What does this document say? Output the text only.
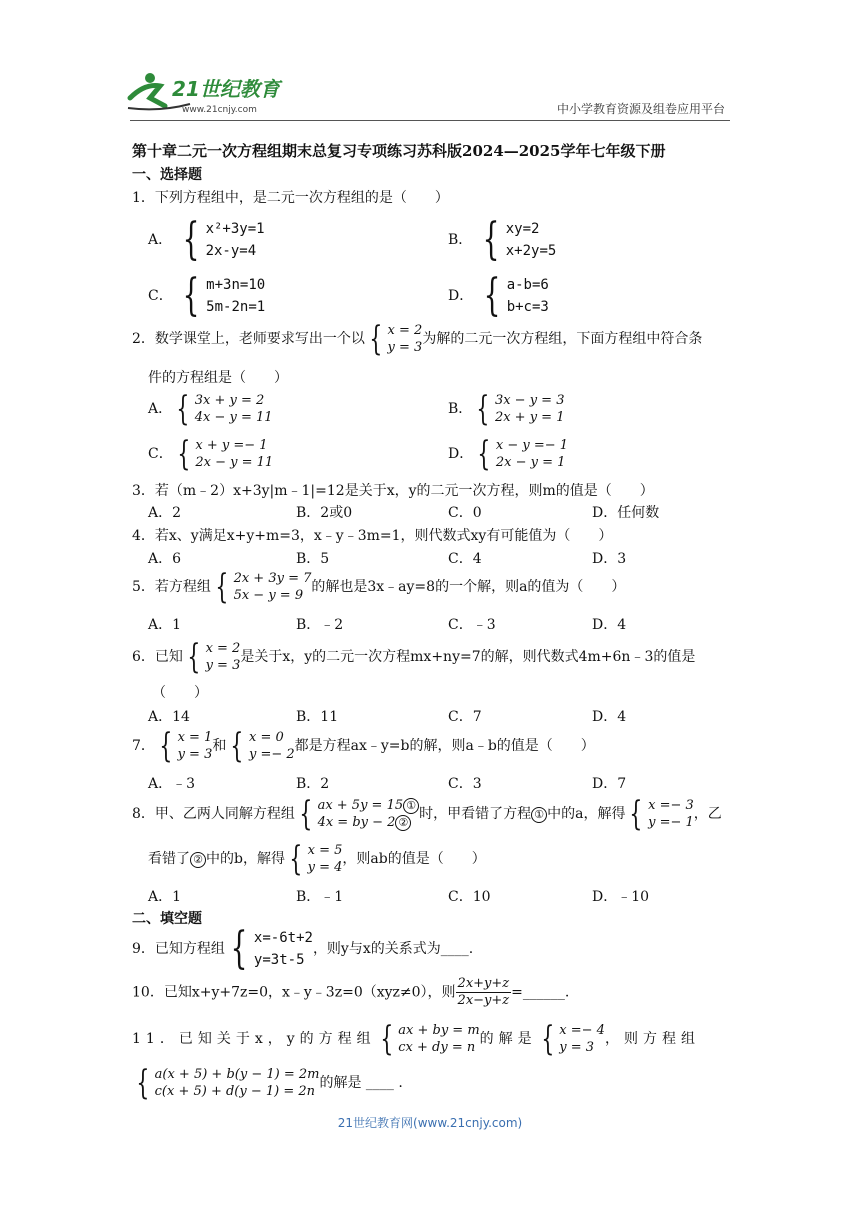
21世纪教育
www.21cnjy.com	中小学教育资源及组卷应用平台
第十章二元一次方程组期末总复习专项练习苏科版2024—2025学年七年级下册
一、选择题
1．下列方程组中，是二元一次方程组的是（　　）
A． { x²+3y=1
2x-y=4
B． { xy=2
x+2y=5
C． { m+3n=10
5m-2n=1
D． { a-b=6
b+c=3
2．数学课堂上，老师要求写出一个以 { x = 2
y = 3
为解的二元一次方程组，下面方程组中符合条
件的方程组是（　　）
A． { 3x + y = 2
4x − y = 11
B． { 3x − y = 3
2x + y = 1
C． { x + y =− 1
2x − y = 11
D． { x − y =− 1
2x − y = 1
3．若（m﹣2）x+3y|m﹣1|=12是关于x，y的二元一次方程，则m的值是（　　）
A．2	B．2或0	C．0	D．任何数
4．若x、y满足x+y+m=3，x﹣y﹣3m=1，则代数式xy有可能值为（　　）
A．6	B．5	C．4	D．3
5．若方程组 { 2x + 3y = 7
5x − y = 9
的解也是3x﹣ay=8的一个解，则a的值为（　　）
A．1	B．﹣2	C．﹣3	D．4
6．已知 { x = 2
y = 3
是关于x，y的二元一次方程mx+ny=7的解，则代数式4m+6n﹣3的值是
（　　）
A．14	B．11	C．7	D．4
7． { x = 1
y = 3
和 { x = 0
y =− 2
都是方程ax﹣y=b的解，则a﹣b的值是（　　）
A．﹣3	B．2	C．3	D．7
8．甲、乙两人同解方程组 { ax + 5y = 15 ①
4x = by − 2 ②
时，甲看错了方程 ① 中的a，解得 { x =− 3
y =− 1
，乙
看错了 ② 中的b，解得 { x = 5
y = 4
，则ab的值是（　　）
A．1	B．﹣1	C．10	D．﹣10
二、填空题
9．已知方程组 { x=-6t+2
y=3t-5
，则y与x的关系式为____.
10．已知x+y+7z=0，x﹣y﹣3z=0（xyz≠0），则 $\frac{2x+y+z}{2x-y+z}$ =______.
11．已知关于x，y的方程组 { ax + by = m
cx + dy = n
的解是 { x =− 4
y = 3
，则方程组
{ a(x + 5) + b(y − 1) = 2m
c(x + 5) + d(y − 1) = 2n
的解是 ____ .
21世纪教育网(www.21cnjy.com)
